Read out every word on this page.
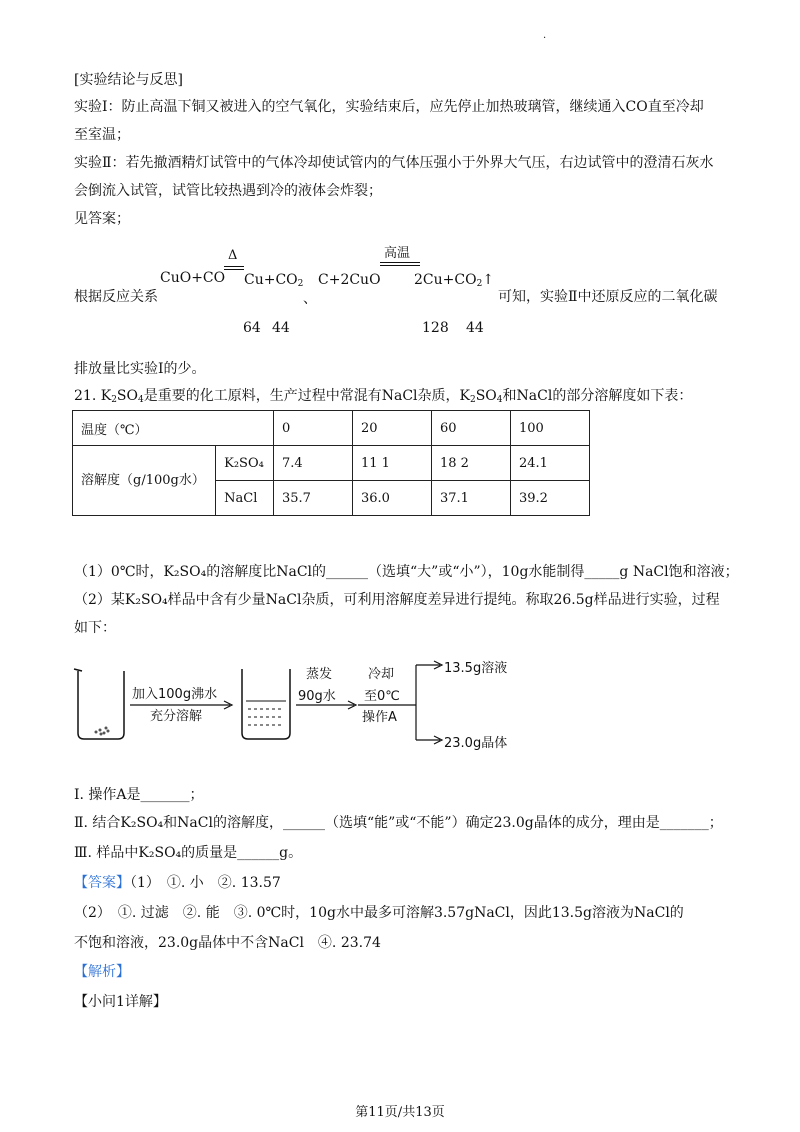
.
[实验结论与反思]
实验Ⅰ：防止高温下铜又被进入的空气氧化，实验结束后，应先停止加热玻璃管，继续通入CO直至冷却
至室温；
实验Ⅱ：若先撤酒精灯试管中的气体冷却使试管内的气体压强小于外界大气压，右边试管中的澄清石灰水
会倒流入试管，试管比较热遇到冷的液体会炸裂；
见答案；
根据反应关系
CuO+CO
Δ
$Cu+CO_2$
、
C+2CuO
高温
$2Cu+CO_2↑$
可知，实验Ⅱ中还原反应的二氧化碳
64 44	128 44
排放量比实验Ⅰ的少。
21. $K_2SO_4$是重要的化工原料，生产过程中常混有NaCl杂质，$K_2SO_4$和NaCl的部分溶解度如下表：
温度（℃）		0	20	60	100
溶解度（g/100g水）	K₂SO₄	7.4	11 1	18 2	24.1
	NaCl	35.7	36.0	37.1	39.2
（1）0℃时，K₂SO₄的溶解度比NaCl的______（选填“大”或“小”），10g水能制得_____g NaCl饱和溶液；
（2）某K₂SO₄样品中含有少量NaCl杂质，可利用溶解度差异进行提纯。称取26.5g样品进行实验，过程
如下：
加入100g沸水
充分溶解
蒸发
90g水
冷却
至0℃
操作A
13.5g溶液
23.0g晶体
Ⅰ. 操作A是_______；
Ⅱ. 结合K₂SO₄和NaCl的溶解度，______（选填“能”或“不能”）确定23.0g晶体的成分，理由是_______；
Ⅲ. 样品中K₂SO₄的质量是______g。
【答案】（1）　①. 小　②. 13.57
（2）　①. 过滤　②. 能　③. 0℃时，10g水中最多可溶解3.57gNaCl，因此13.5g溶液为NaCl的
不饱和溶液，23.0g晶体中不含NaCl　④. 23.74
【解析】
【小问1详解】
第11页/共13页
